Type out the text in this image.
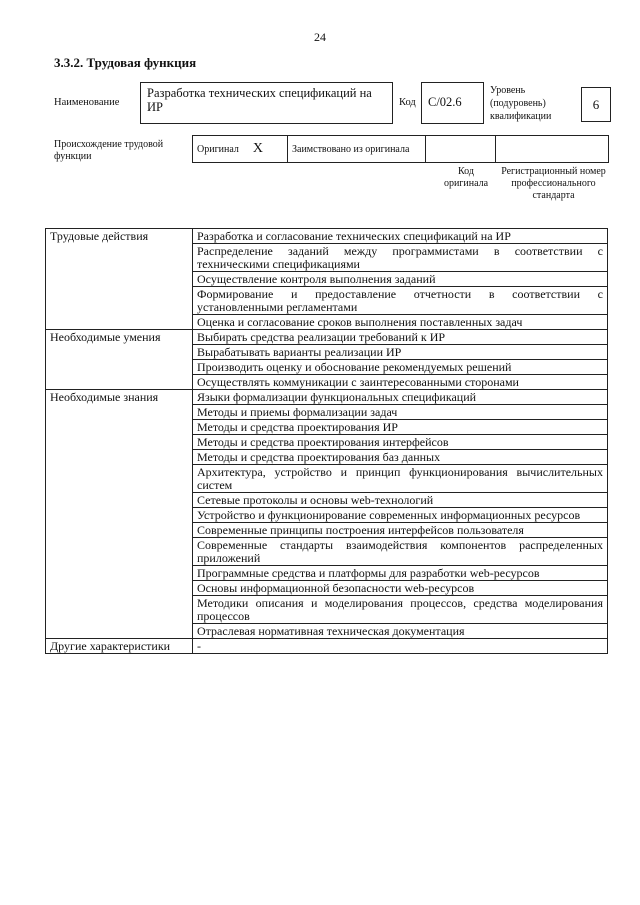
24
3.3.2. Трудовая функция
Наименование
Разработка технических спецификаций на ИР	Код C/02.6
Уровень (подуровень) квалификации
6
Происхождение трудовой функции
Оригинал X	Заимствовано из оригинала		
Код оригинала
Регистрационный номер профессионального стандарта
Трудовые действия	Разработка и согласование технических спецификаций на ИР
	Распределение заданий между программистами в соответствии с техническими спецификациями
	Осуществление контроля выполнения заданий
	Формирование и предоставление отчетности в соответствии с установленными регламентами
	Оценка и согласование сроков выполнения поставленных задач
Необходимые умения	Выбирать средства реализации требований к ИР
	Вырабатывать варианты реализации ИР
	Производить оценку и обоснование рекомендуемых решений
	Осуществлять коммуникации с заинтересованными сторонами
Необходимые знания	Языки формализации функциональных спецификаций
	Методы и приемы формализации задач
	Методы и средства проектирования ИР
	Методы и средства проектирования интерфейсов
	Методы и средства проектирования баз данных
	Архитектура, устройство и принцип функционирования вычислительных систем
	Сетевые протоколы и основы web-технологий
	Устройство и функционирование современных информационных ресурсов
	Современные принципы построения интерфейсов пользователя
	Современные стандарты взаимодействия компонентов распределенных приложений
	Программные средства и платформы для разработки web-ресурсов
	Основы информационной безопасности web-ресурсов
	Методики описания и моделирования процессов, средства моделирования процессов
	Отраслевая нормативная техническая документация
Другие характеристики	-
